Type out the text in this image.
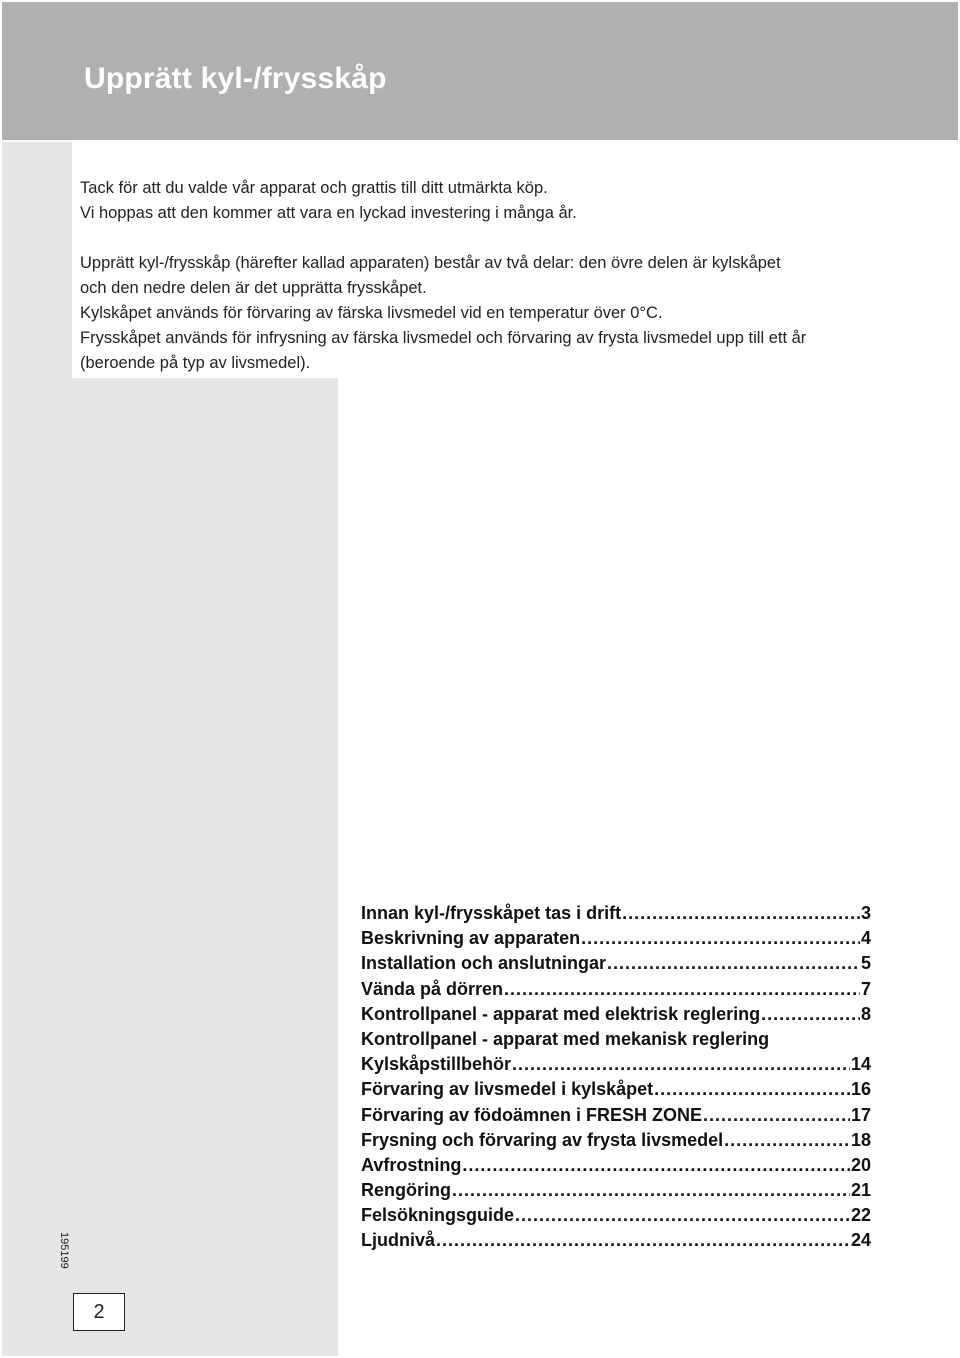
Upprätt kyl-/frysskåp

Tack för att du valde vår apparat och grattis till ditt utmärkta köp.

Vi hoppas att den kommer att vara en lyckad investering i många år.

Upprätt kyl-/frysskåp (härefter kallad apparaten) består av två delar: den övre delen är kylskåpet

och den nedre delen är det upprätta frysskåpet.

Kylskåpet används för förvaring av färska livsmedel vid en temperatur över 0°C.

Frysskåpet används för infrysning av färska livsmedel och förvaring av frysta livsmedel upp till ett år

(beroende på typ av livsmedel).

Innan kyl-/frysskåpet tas i drift .....	3
Beskrivning av apparaten .....	4
Installation och anslutningar .....	5
Vända på dörren .....	7
Kontrollpanel - apparat med elektrisk reglering .....	8
Kontrollpanel - apparat med mekanisk reglering
Kylskåpstillbehör .....	14
Förvaring av livsmedel i kylskåpet .....	16
Förvaring av födoämnen i FRESH ZONE .....	17
Frysning och förvaring av frysta livsmedel .....	18
Avfrostning .....	20
Rengöring .....	21
Felsökningsguide .....	22
Ljudnivå .....	24
195199
2
